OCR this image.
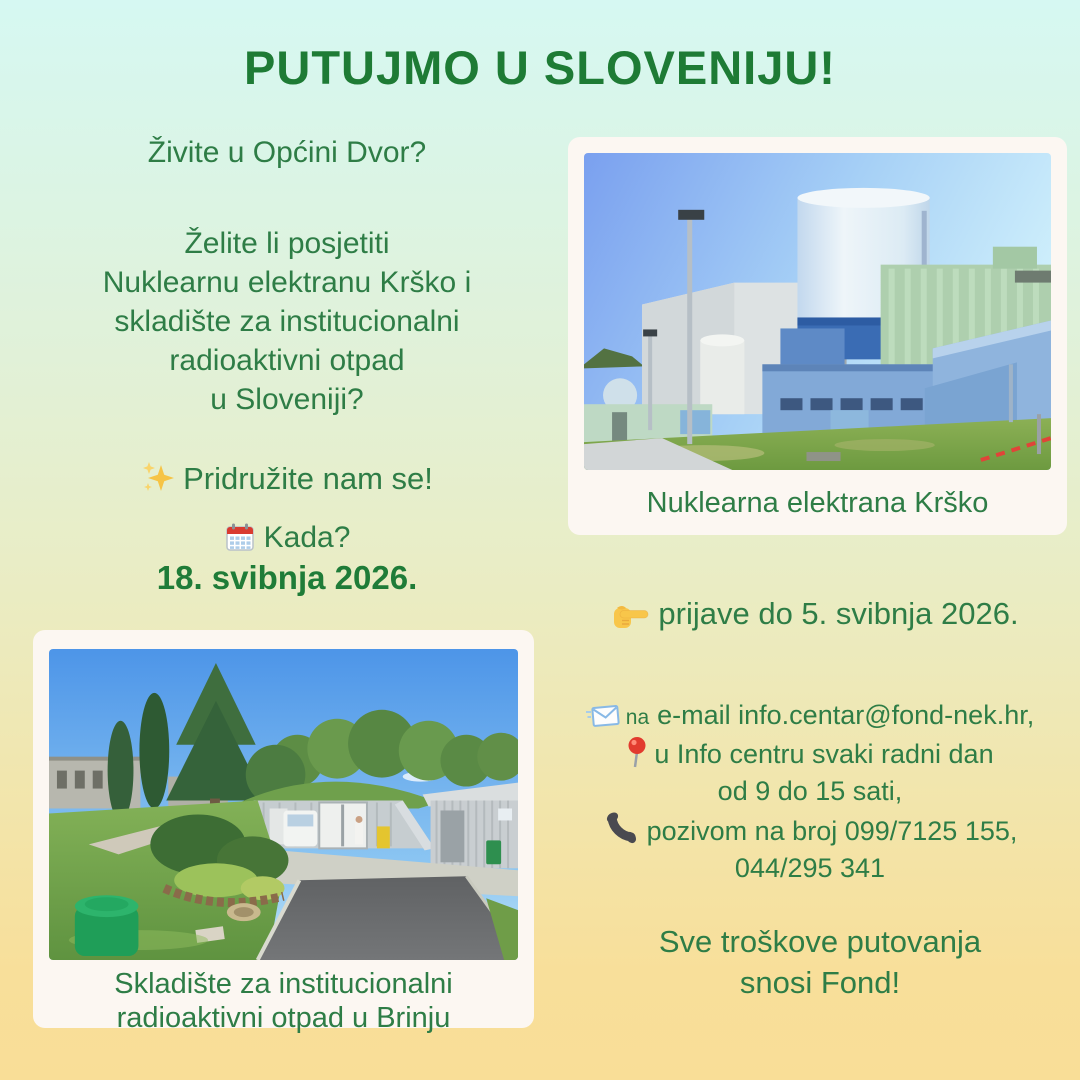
PUTUJMO U SLOVENIJU!

Živite u Općini Dvor?

Želite li posjetiti
Nuklearnu elektranu Krško i
skladište za institucionalni
radioaktivni otpad
u Sloveniji?

Pridružite nam se!

Kada?

18. svibnja 2026.

Nuklearna elektrana Krško

prijave do 5. svibnja 2026.

na e-mail info.centar@fond-nek.hr,

u Info centru svaki radni dan

od 9 do 15 sati,

pozivom na broj 099/7125 155,

044/295 341

Skladište za institucionalni
radioaktivni otpad u Brinju

Sve troškove putovanja

snosi Fond!
